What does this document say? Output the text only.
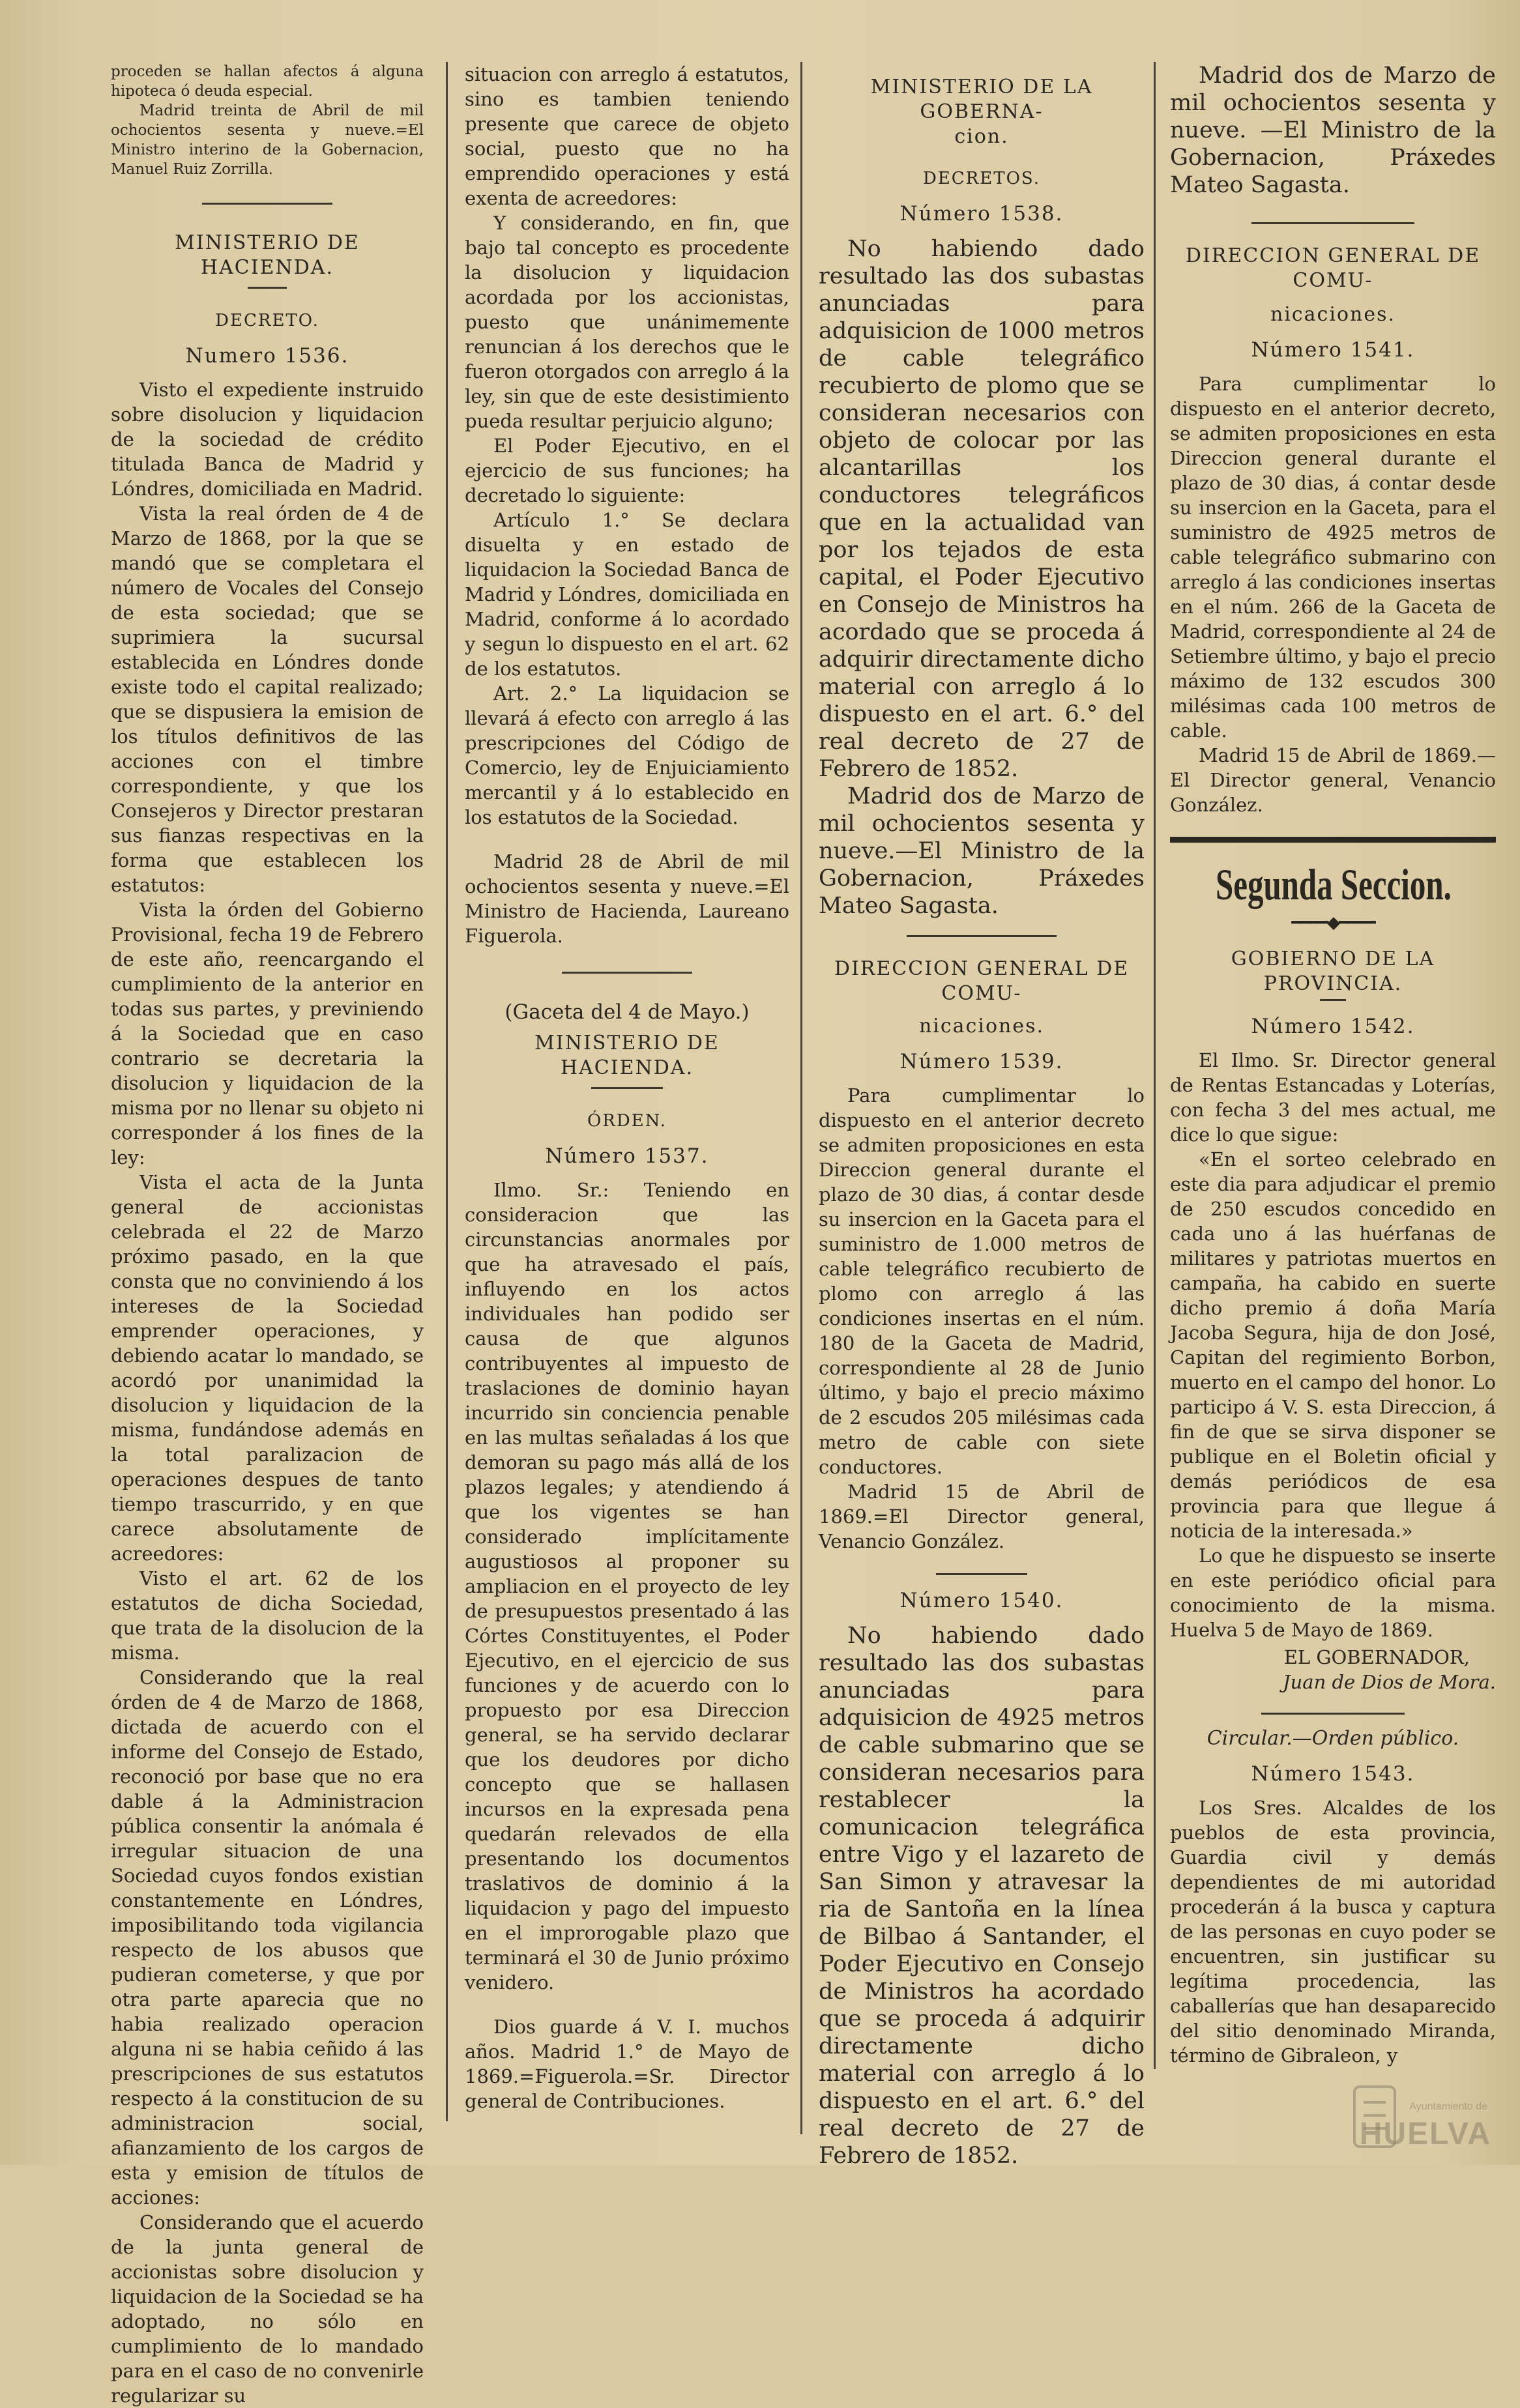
proceden se hallan afectos á alguna hipoteca ó deuda especial.

Madrid treinta de Abril de mil ochocientos sesenta y nueve.=El Ministro interino de la Gobernacion, Manuel Ruiz Zorrilla.

MINISTERIO DE HACIENDA.
DECRETO.
Numero 1536.

Visto el expediente instruido sobre disolucion y liquidacion de la sociedad de crédito titulada Banca de Madrid y Lóndres, domiciliada en Madrid.

Vista la real órden de 4 de Marzo de 1868, por la que se mandó que se completara el número de Vocales del Consejo de esta sociedad; que se suprimiera la sucursal establecida en Lóndres donde existe todo el capital realizado; que se dispusiera la emision de los títulos definitivos de las acciones con el timbre correspondiente, y que los Consejeros y Director prestaran sus fianzas respectivas en la forma que establecen los estatutos:

Vista la órden del Gobierno Provisional, fecha 19 de Febrero de este año, reencargando el cumplimiento de la anterior en todas sus partes, y previniendo á la Sociedad que en caso contrario se decretaria la disolucion y liquidacion de la misma por no llenar su objeto ni corresponder á los fines de la ley:

Vista el acta de la Junta general de accionistas celebrada el 22 de Marzo próximo pasado, en la que consta que no conviniendo á los intereses de la Sociedad emprender operaciones, y debiendo acatar lo mandado, se acordó por unanimidad la disolucion y liquidacion de la misma, fundándose además en la total paralizacion de operaciones despues de tanto tiempo trascurrido, y en que carece absolutamente de acreedores:

Visto el art. 62 de los estatutos de dicha Sociedad, que trata de la disolucion de la misma.

Considerando que la real órden de 4 de Marzo de 1868, dictada de acuerdo con el informe del Consejo de Estado, reconoció por base que no era dable á la Administracion pública consentir la anómala é irregular situacion de una Sociedad cuyos fondos existian constantemente en Lóndres, imposibilitando toda vigilancia respecto de los abusos que pudieran cometerse, y que por otra parte aparecia que no habia realizado operacion alguna ni se habia ceñido á las prescripciones de sus estatutos respecto á la constitucion de su administracion social, afianzamiento de los cargos de esta y emision de títulos de acciones:

Considerando que el acuerdo de la junta general de accionistas sobre disolucion y liquidacion de la Sociedad se ha adoptado, no sólo en cumplimiento de lo mandado para en el caso de no convenirle regularizar su

situacion con arreglo á estatutos, sino es tambien teniendo presente que carece de objeto social, puesto que no ha emprendido operaciones y está exenta de acreedores:

Y considerando, en fin, que bajo tal concepto es procedente la disolucion y liquidacion acordada por los accionistas, puesto que unánimemente renuncian á los derechos que le fueron otorgados con arreglo á la ley, sin que de este desistimiento pueda resultar perjuicio alguno;

El Poder Ejecutivo, en el ejercicio de sus funciones; ha decretado lo siguiente:

Artículo 1.° Se declara disuelta y en estado de liquidacion la Sociedad Banca de Madrid y Lóndres, domiciliada en Madrid, conforme á lo acordado y segun lo dispuesto en el art. 62 de los estatutos.

Art. 2.° La liquidacion se llevará á efecto con arreglo á las prescripciones del Código de Comercio, ley de Enjuiciamiento mercantil y á lo establecido en los estatutos de la Sociedad.

Madrid 28 de Abril de mil ochocientos sesenta y nueve.=El Ministro de Hacienda, Laureano Figuerola.

(Gaceta del 4 de Mayo.)
MINISTERIO DE HACIENDA.
ÓRDEN.
Número 1537.

Ilmo. Sr.: Teniendo en consideracion que las circunstancias anormales por que ha atravesado el país, influyendo en los actos individuales han podido ser causa de que algunos contribuyentes al impuesto de traslaciones de dominio hayan incurrido sin conciencia penable en las multas señaladas á los que demoran su pago más allá de los plazos legales; y atendiendo á que los vigentes se han considerado implícitamente augustiosos al proponer su ampliacion en el proyecto de ley de presupuestos presentado á las Córtes Constituyentes, el Poder Ejecutivo, en el ejercicio de sus funciones y de acuerdo con lo propuesto por esa Direccion general, se ha servido declarar que los deudores por dicho concepto que se hallasen incursos en la expresada pena quedarán relevados de ella presentando los documentos traslativos de dominio á la liquidacion y pago del impuesto en el improrogable plazo que terminará el 30 de Junio próximo venidero.

Dios guarde á V. I. muchos años. Madrid 1.° de Mayo de 1869.=Figuerola.=Sr. Director general de Contribuciones.

MINISTERIO DE LA GOBERNA-
cion.
DECRETOS.
Número 1538.

No habiendo dado resultado las dos subastas anunciadas para adquisicion de 1000 metros de cable telegráfico recubierto de plomo que se consideran necesarios con objeto de colocar por las alcantarillas los conductores telegráficos que en la actualidad van por los tejados de esta capital, el Poder Ejecutivo en Consejo de Ministros ha acordado que se proceda á adquirir directamente dicho material con arreglo á lo dispuesto en el art. 6.° del real decreto de 27 de Febrero de 1852.

Madrid dos de Marzo de mil ochocientos sesenta y nueve.—El Ministro de la Gobernacion, Práxedes Mateo Sagasta.

DIRECCION GENERAL DE COMU-
nicaciones.
Número 1539.

Para cumplimentar lo dispuesto en el anterior decreto se admiten proposiciones en esta Direccion general durante el plazo de 30 dias, á contar desde su insercion en la Gaceta para el suministro de 1.000 metros de cable telegráfico recubierto de plomo con arreglo á las condiciones insertas en el núm. 180 de la Gaceta de Madrid, correspondiente al 28 de Junio último, y bajo el precio máximo de 2 escudos 205 milésimas cada metro de cable con siete conductores.

Madrid 15 de Abril de 1869.=El Director general, Venancio González.

Número 1540.

No habiendo dado resultado las dos subastas anunciadas para adquisicion de 4925 metros de cable submarino que se consideran necesarios para restablecer la comunicacion telegráfica entre Vigo y el lazareto de San Simon y atravesar la ria de Santoña en la línea de Bilbao á Santander, el Poder Ejecutivo en Consejo de Ministros ha acordado que se proceda á adquirir directamente dicho material con arreglo á lo dispuesto en el art. 6.° del real decreto de 27 de Febrero de 1852.

Madrid dos de Marzo de mil ochocientos sesenta y nueve. —El Ministro de la Gobernacion, Práxedes Mateo Sagasta.

DIRECCION GENERAL DE COMU-
nicaciones.
Número 1541.

Para cumplimentar lo dispuesto en el anterior decreto, se admiten proposiciones en esta Direccion general durante el plazo de 30 dias, á contar desde su insercion en la Gaceta, para el suministro de 4925 metros de cable telegráfico submarino con arreglo á las condiciones insertas en el núm. 266 de la Gaceta de Madrid, correspondiente al 24 de Setiembre último, y bajo el precio máximo de 132 escudos 300 milésimas cada 100 metros de cable.

Madrid 15 de Abril de 1869.—El Director general, Venancio González.

Segunda Seccion.
━━━━◆━━━━
GOBIERNO DE LA PROVINCIA.
Número 1542.

El Ilmo. Sr. Director general de Rentas Estancadas y Loterías, con fecha 3 del mes actual, me dice lo que sigue:

«En el sorteo celebrado en este dia para adjudicar el premio de 250 escudos concedido en cada uno á las huérfanas de militares y patriotas muertos en campaña, ha cabido en suerte dicho premio á doña María Jacoba Segura, hija de don José, Capitan del regimiento Borbon, muerto en el campo del honor. Lo participo á V. S. esta Direccion, á fin de que se sirva disponer se publique en el Boletin oficial y demás periódicos de esa provincia para que llegue á noticia de la interesada.»

Lo que he dispuesto se inserte en este periódico oficial para conocimiento de la misma. Huelva 5 de Mayo de 1869.

EL GOBERNADOR,

Juan de Dios de Mora.

Circular.—Orden público.
Número 1543.

Los Sres. Alcaldes de los pueblos de esta provincia, Guardia civil y demás dependientes de mi autoridad procederán á la busca y captura de las personas en cuyo poder se encuentren, sin justificar su legítima procedencia, las caballerías que han desaparecido del sitio denominado Miranda, término de Gibraleon, y

Ayuntamiento de
HUELVA
